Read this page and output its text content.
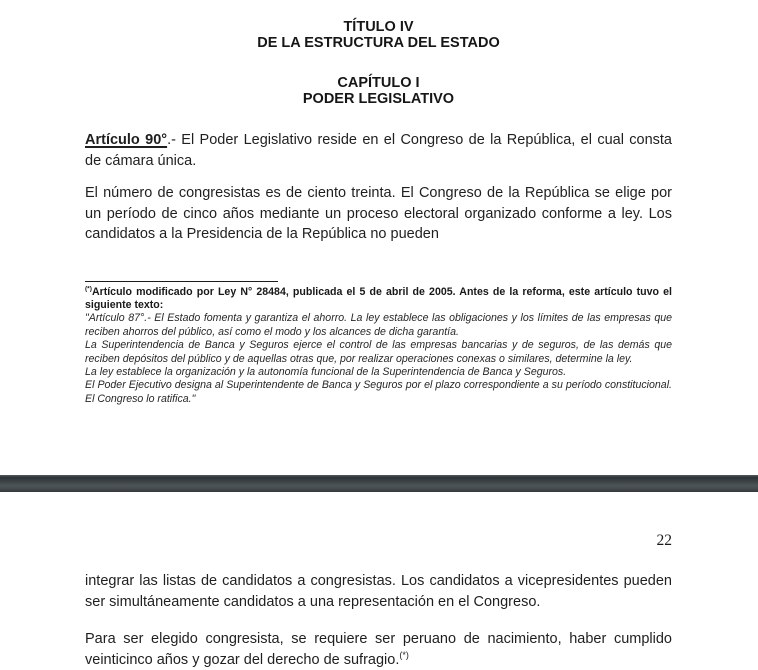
TÍTULO IV
DE LA ESTRUCTURA DEL ESTADO
CAPÍTULO I
PODER LEGISLATIVO

Artículo 90°.- El Poder Legislativo reside en el Congreso de la República, el cual consta de cámara única.

El número de congresistas es de ciento treinta. El Congreso de la República se elige por un período de cinco años mediante un proceso electoral organizado conforme a ley. Los candidatos a la Presidencia de la República no pueden

(*)Artículo modificado por Ley N° 28484, publicada el 5 de abril de 2005. Antes de la reforma, este artículo tuvo el siguiente texto:

"Artículo 87°.- El Estado fomenta y garantiza el ahorro. La ley establece las obligaciones y los límites de las empresas que reciben ahorros del público, así como el modo y los alcances de dicha garantía.

La Superintendencia de Banca y Seguros ejerce el control de las empresas bancarias y de seguros, de las demás que reciben depósitos del público y de aquellas otras que, por realizar operaciones conexas o similares, determine la ley.

La ley establece la organización y la autonomía funcional de la Superintendencia de Banca y Seguros.

El Poder Ejecutivo designa al Superintendente de Banca y Seguros por el plazo correspondiente a su período constitucional. El Congreso lo ratifica."

22

integrar las listas de candidatos a congresistas. Los candidatos a vicepresidentes pueden ser simultáneamente candidatos a una representación en el Congreso.

Para ser elegido congresista, se requiere ser peruano de nacimiento, haber cumplido veinticinco años y gozar del derecho de sufragio.(*)
